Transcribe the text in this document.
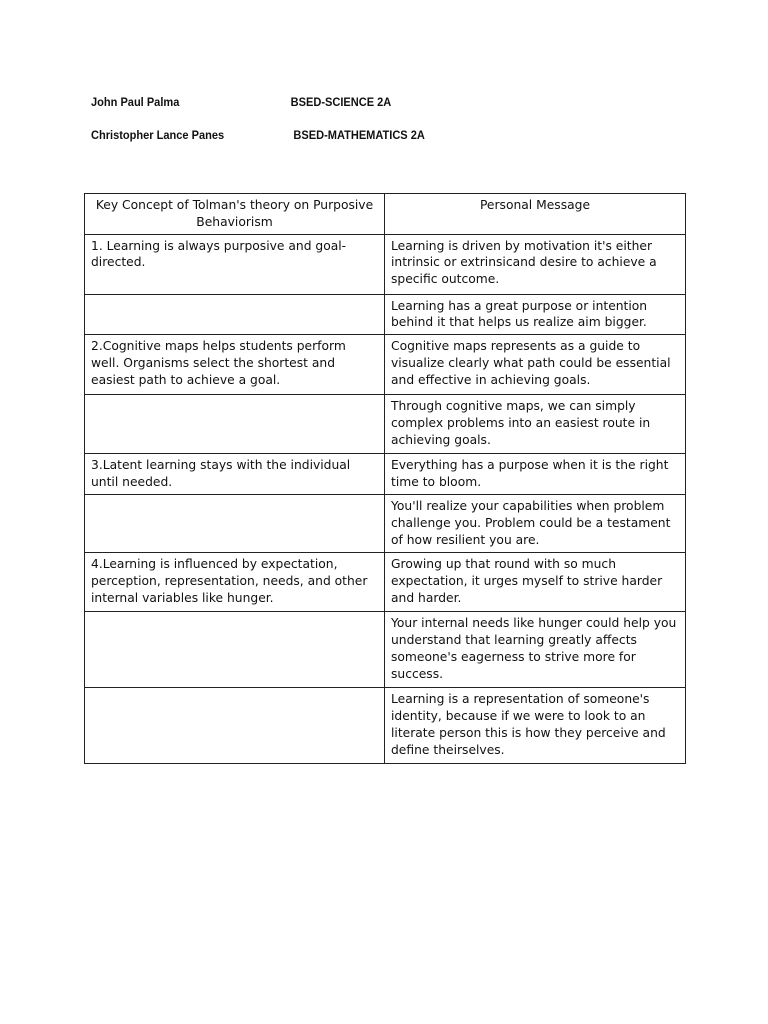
John Paul Palma	BSED-SCIENCE 2A
Christopher Lance Panes	BSED-MATHEMATICS 2A
Key Concept of Tolman's theory on Purposive Behaviorism	Personal Message
1. Learning is always purposive and goal-directed.	Learning is driven by motivation it's either intrinsic or extrinsicand desire to achieve a specific outcome.
	Learning has a great purpose or intention behind it that helps us realize aim bigger.
2.Cognitive maps helps students perform well. Organisms select the shortest and easiest path to achieve a goal.	Cognitive maps represents as a guide to visualize clearly what path could be essential and effective in achieving goals.
	Through cognitive maps, we can simply complex problems into an easiest route in achieving goals.
3.Latent learning stays with the individual until needed.	Everything has a purpose when it is the right time to bloom.
	You'll realize your capabilities when problem challenge you. Problem could be a testament of how resilient you are.
4.Learning is influenced by expectation, perception, representation, needs, and other internal variables like hunger.	Growing up that round with so much expectation, it urges myself to strive harder and harder.
	Your internal needs like hunger could help you understand that learning greatly affects someone's eagerness to strive more for success.
	Learning is a representation of someone's identity, because if we were to look to an literate person this is how they perceive and define theirselves.
